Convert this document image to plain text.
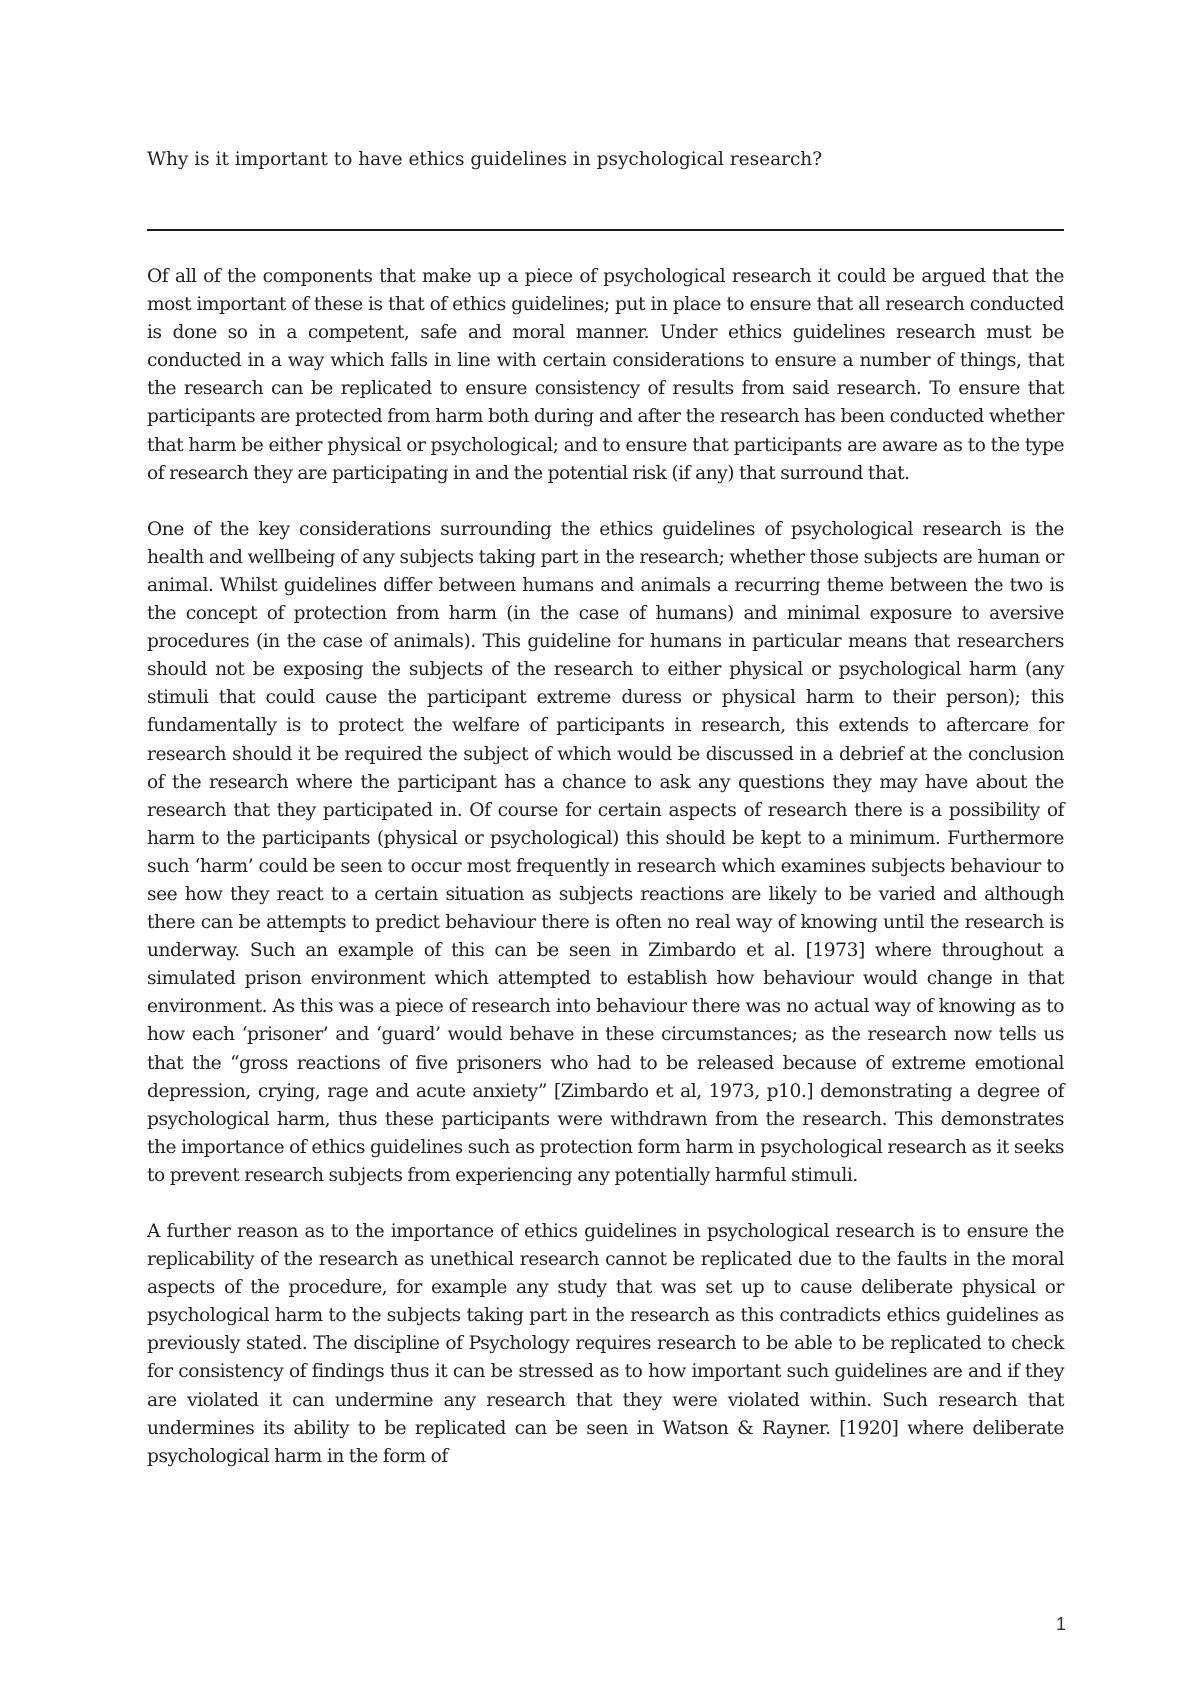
Why is it important to have ethics guidelines in psychological research?

Of all of the components that make up a piece of psychological research it could be argued that the most important of these is that of ethics guidelines; put in place to ensure that all research conducted is done so in a competent, safe and moral manner. Under ethics guidelines research must be conducted in a way which falls in line with certain considerations to ensure a number of things, that the research can be replicated to ensure consistency of results from said research. To ensure that participants are protected from harm both during and after the research has been conducted whether that harm be either physical or psychological; and to ensure that participants are aware as to the type of research they are participating in and the potential risk (if any) that surround that.

One of the key considerations surrounding the ethics guidelines of psychological research is the health and wellbeing of any subjects taking part in the research; whether those subjects are human or animal. Whilst guidelines differ between humans and animals a recurring theme between the two is the concept of protection from harm (in the case of humans) and minimal exposure to aversive procedures (in the case of animals). This guideline for humans in particular means that researchers should not be exposing the subjects of the research to either physical or psychological harm (any stimuli that could cause the participant extreme duress or physical harm to their person); this fundamentally is to protect the welfare of participants in research, this extends to aftercare for research should it be required the subject of which would be discussed in a debrief at the conclusion of the research where the participant has a chance to ask any questions they may have about the research that they participated in. Of course for certain aspects of research there is a possibility of harm to the participants (physical or psychological) this should be kept to a minimum. Furthermore such ‘harm’ could be seen to occur most frequently in research which examines subjects behaviour to see how they react to a certain situation as subjects reactions are likely to be varied and although there can be attempts to predict behaviour there is often no real way of knowing until the research is underway. Such an example of this can be seen in Zimbardo et al. [1973] where throughout a simulated prison environment which attempted to establish how behaviour would change in that environment. As this was a piece of research into behaviour there was no actual way of knowing as to how each ‘prisoner’ and ‘guard’ would behave in these circumstances; as the research now tells us that the “gross reactions of five prisoners who had to be released because of extreme emotional depression, crying, rage and acute anxiety” [Zimbardo et al, 1973, p10.] demonstrating a degree of psychological harm, thus these participants were withdrawn from the research. This demonstrates the importance of ethics guidelines such as protection form harm in psychological research as it seeks to prevent research subjects from experiencing any potentially harmful stimuli.

A further reason as to the importance of ethics guidelines in psychological research is to ensure the replicability of the research as unethical research cannot be replicated due to the faults in the moral aspects of the procedure, for example any study that was set up to cause deliberate physical or psychological harm to the subjects taking part in the research as this contradicts ethics guidelines as previously stated. The discipline of Psychology requires research to be able to be replicated to check for consistency of findings thus it can be stressed as to how important such guidelines are and if they are violated it can undermine any research that they were violated within. Such research that undermines its ability to be replicated can be seen in Watson & Rayner. [1920] where deliberate psychological harm in the form of

1
